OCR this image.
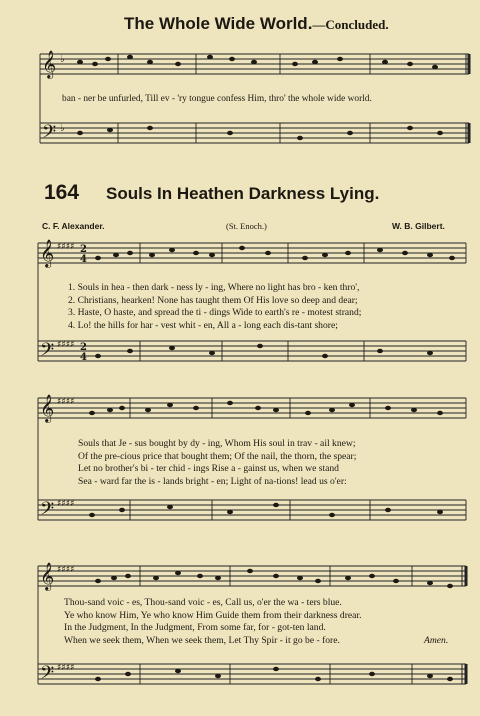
The Whole Wide World.—Concluded.
𝄞
𝄢
♭
♭
ban - ner be unfurled, Till ev - 'ry tongue confess Him, thro' the whole wide world.
164 Souls In Heathen Darkness Lying.
C. F. Alexander.	(St. Enoch.)	W. B. Gilbert.
𝄞
𝄢
♯♯♯♯
♯♯♯♯
2
4
2
4
1. Souls in hea - then dark - ness ly - ing, Where no light has bro - ken thro',
2. Christians, hearken! None has taught them Of His love so deep and dear;
3. Haste, O haste, and spread the ti - dings Wide to earth's re - motest strand;
4. Lo! the hills for har - vest whit - en, All a - long each dis-tant shore;
𝄞
𝄢
♯♯♯♯
♯♯♯♯
Souls that Je - sus bought by dy - ing, Whom His soul in trav - ail knew;
Of the pre-cious price that bought them; Of the nail, the thorn, the spear;
Let no brother's bi - ter chid - ings Rise a - gainst us, when we stand
Sea - ward far the is - lands bright - en; Light of na-tions! lead us o'er:
𝄞
𝄢
♯♯♯♯
♯♯♯♯
Thou-sand voic - es, Thou-sand voic - es, Call us, o'er the wa - ters blue.
Ye who know Him, Ye who know Him Guide them from their darkness drear.
In the Judgment, In the Judgment, From some far, for - got-ten land.
When we seek them, When we seek them, Let Thy Spir - it go be - fore.	Amen.
